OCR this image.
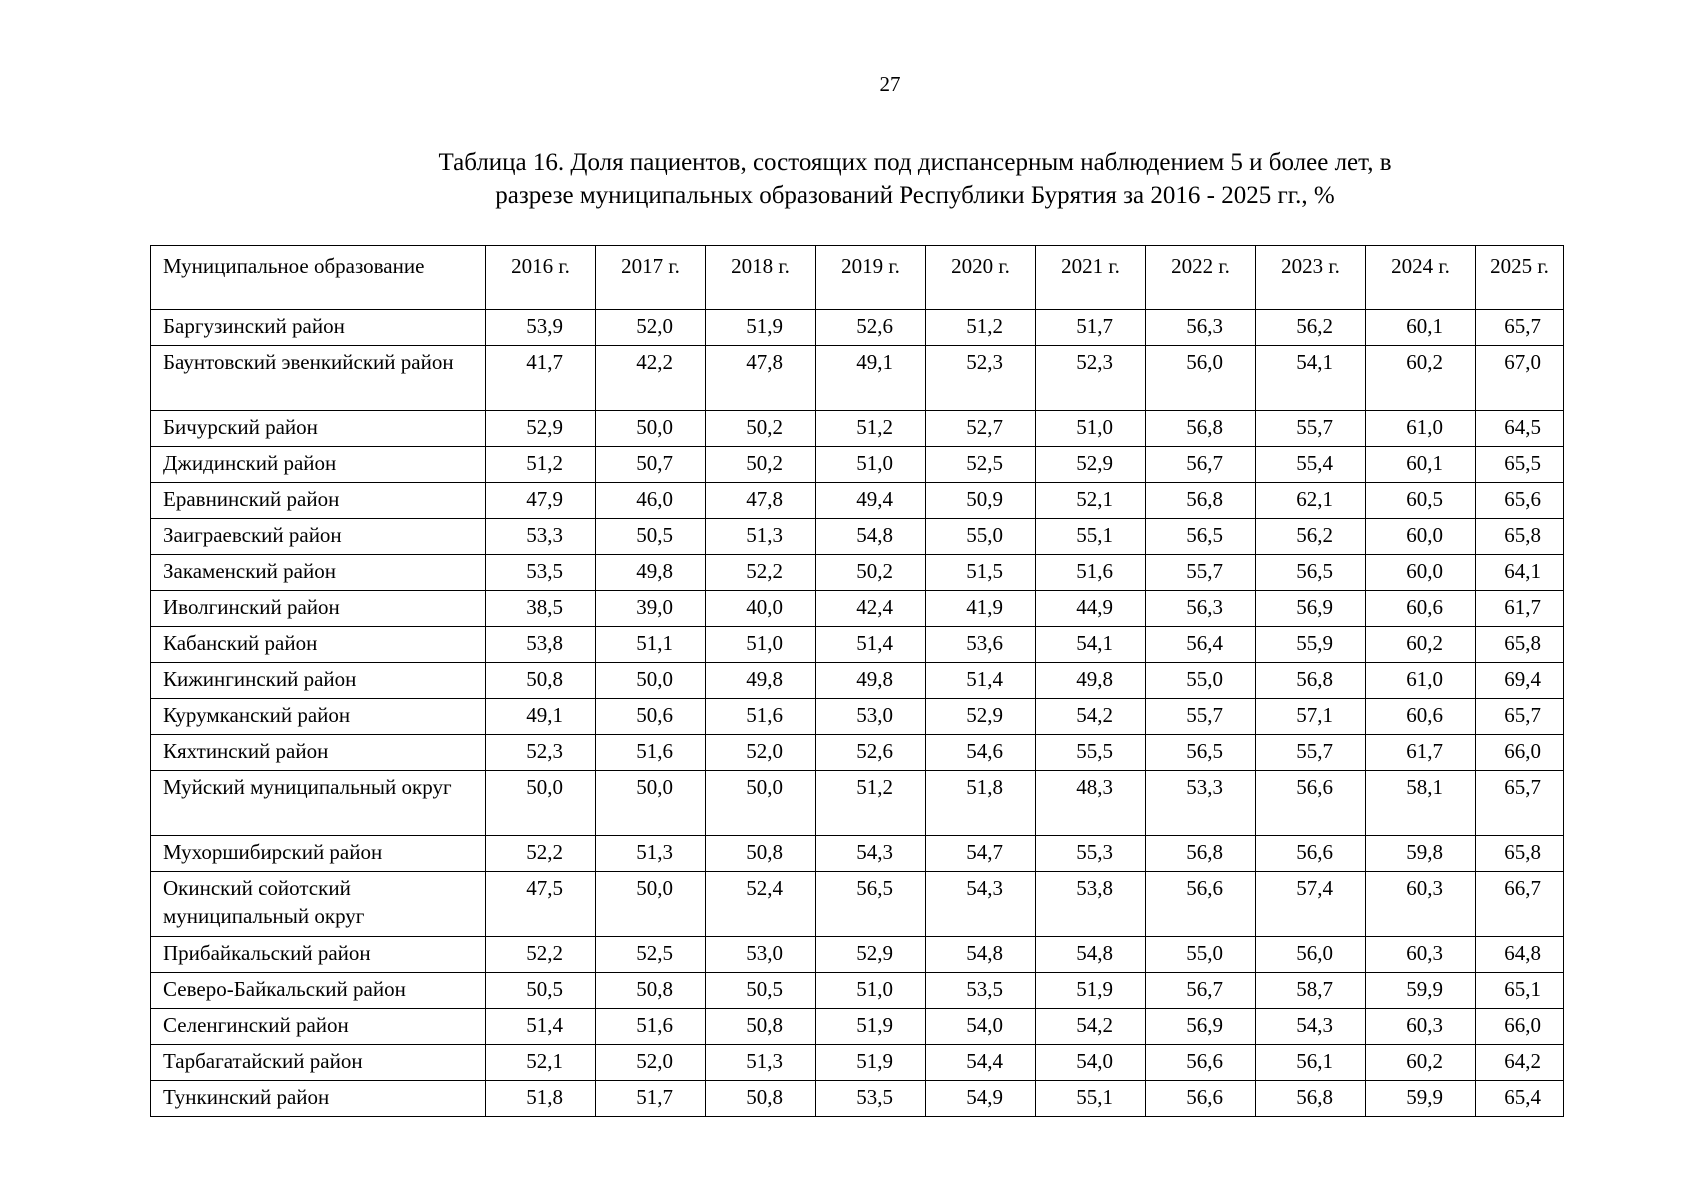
27
Таблица 16. Доля пациентов, состоящих под диспансерным наблюдением 5 и более лет, в
разрезе муниципальных образований Республики Бурятия за 2016 - 2025 гг., %
Муниципальное образование	2016 г.	2017 г.	2018 г.	2019 г.	2020 г.	2021 г.	2022 г.	2023 г.	2024 г.	2025 г.
Баргузинский район	53,9	52,0	51,9	52,6	51,2	51,7	56,3	56,2	60,1	65,7
Баунтовский эвенкийский район	41,7	42,2	47,8	49,1	52,3	52,3	56,0	54,1	60,2	67,0
Бичурский район	52,9	50,0	50,2	51,2	52,7	51,0	56,8	55,7	61,0	64,5
Джидинский район	51,2	50,7	50,2	51,0	52,5	52,9	56,7	55,4	60,1	65,5
Еравнинский район	47,9	46,0	47,8	49,4	50,9	52,1	56,8	62,1	60,5	65,6
Заиграевский район	53,3	50,5	51,3	54,8	55,0	55,1	56,5	56,2	60,0	65,8
Закаменский район	53,5	49,8	52,2	50,2	51,5	51,6	55,7	56,5	60,0	64,1
Иволгинский район	38,5	39,0	40,0	42,4	41,9	44,9	56,3	56,9	60,6	61,7
Кабанский район	53,8	51,1	51,0	51,4	53,6	54,1	56,4	55,9	60,2	65,8
Кижингинский район	50,8	50,0	49,8	49,8	51,4	49,8	55,0	56,8	61,0	69,4
Курумканский район	49,1	50,6	51,6	53,0	52,9	54,2	55,7	57,1	60,6	65,7
Кяхтинский район	52,3	51,6	52,0	52,6	54,6	55,5	56,5	55,7	61,7	66,0
Муйский муниципальный округ	50,0	50,0	50,0	51,2	51,8	48,3	53,3	56,6	58,1	65,7
Мухоршибирский район	52,2	51,3	50,8	54,3	54,7	55,3	56,8	56,6	59,8	65,8
Окинский сойотский муниципальный округ	47,5	50,0	52,4	56,5	54,3	53,8	56,6	57,4	60,3	66,7
Прибайкальский район	52,2	52,5	53,0	52,9	54,8	54,8	55,0	56,0	60,3	64,8
Северо-Байкальский район	50,5	50,8	50,5	51,0	53,5	51,9	56,7	58,7	59,9	65,1
Селенгинский район	51,4	51,6	50,8	51,9	54,0	54,2	56,9	54,3	60,3	66,0
Тарбагатайский район	52,1	52,0	51,3	51,9	54,4	54,0	56,6	56,1	60,2	64,2
Тункинский район	51,8	51,7	50,8	53,5	54,9	55,1	56,6	56,8	59,9	65,4
